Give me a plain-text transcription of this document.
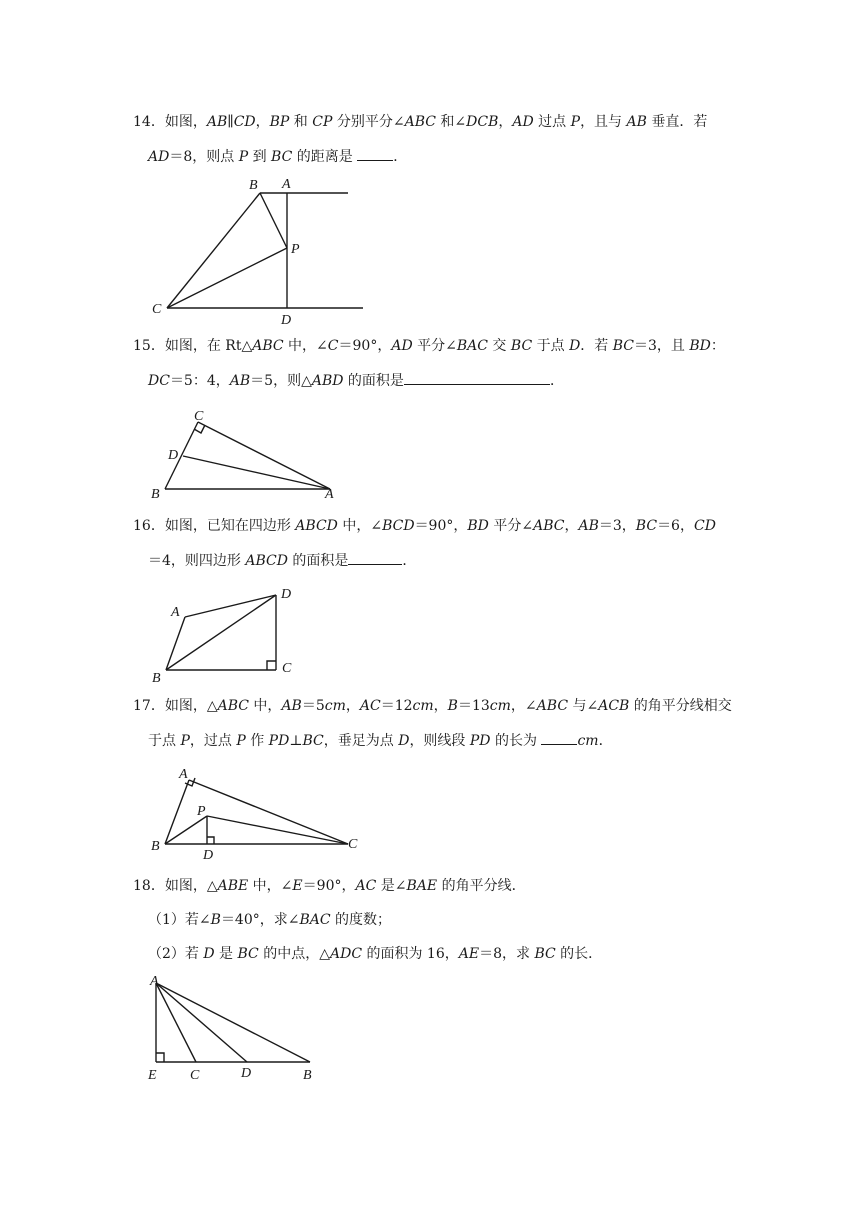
14．如图，AB∥CD，BP 和 CP 分别平分∠ABC 和∠DCB，AD 过点 P，且与 AB 垂直．若
AD＝8，则点 P 到 BC 的距离是	．
B A
P
C
D
15．如图，在 Rt△ABC 中，∠C＝90°，AD 平分∠BAC 交 BC 于点 D．若 BC＝3，且 BD：
DC＝5：4，AB＝5，则△ABD 的面积是	．
C
D
B	A
16．如图，已知在四边形 ABCD 中，∠BCD＝90°，BD 平分∠ABC，AB＝3，BC＝6，CD
＝4，则四边形 ABCD 的面积是	．
A
D
B
C
17．如图，△ABC 中，AB＝5cm，AC＝12cm，B＝13cm，∠ABC 与∠ACB 的角平分线相交
于点 P，过点 P 作 PD⊥BC，垂足为点 D，则线段 PD 的长为	cm．
A
P
B
D
C
18．如图，△ABE 中，∠E＝90°，AC 是∠BAE 的角平分线．
（1）若∠B＝40°，求∠BAC 的度数；
（2）若 D 是 BC 的中点，△ADC 的面积为 16，AE＝8，求 BC 的长．
A
E C	D	B
